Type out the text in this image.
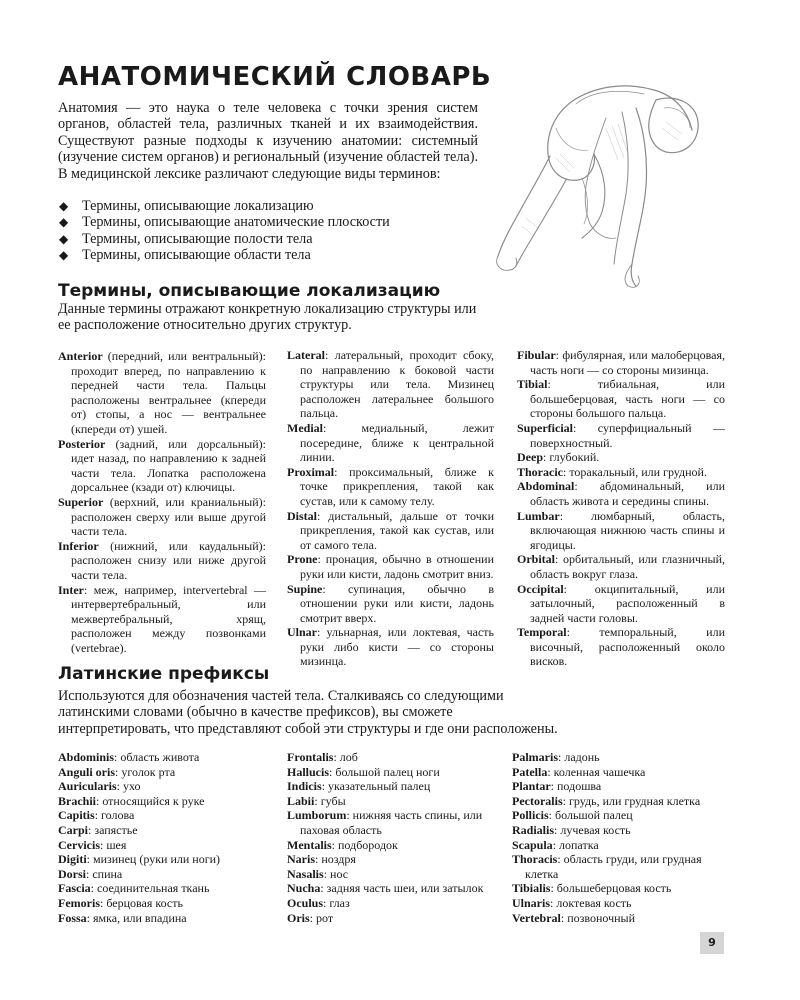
АНАТОМИЧЕСКИЙ СЛОВАРЬ

Анатомия — это наука о теле человека с точки зрения систем органов, областей тела, различных тканей и их взаимодействия. Существуют разные подходы к изучению анатомии: системный (изучение систем органов) и региональный (изучение областей тела). В медицинской лексике различают следующие виды терминов:

◆ Термины, описывающие локализацию
◆ Термины, описывающие анатомические плоскости
◆ Термины, описывающие полости тела
◆ Термины, описывающие области тела
Термины, описывающие локализацию

Данные термины отражают конкретную локализацию структуры или ее расположение относительно других структур.

Anterior (передний, или вентральный): проходит вперед, по направлению к передней части тела. Пальцы расположены вентральнее (кпереди от) стопы, а нос — вентральнее (кпереди от) ушей.

Posterior (задний, или дорсальный): идет назад, по направлению к задней части тела. Лопатка расположена дорсальнее (кзади от) ключицы.

Superior (верхний, или краниальный): расположен сверху или выше другой части тела.

Inferior (нижний, или каудальный): расположен снизу или ниже другой части тела.

Inter: меж, например, intervertebral — интервертебральный, или межвертебральный, хрящ, расположен между позвонками (vertebrae).

Lateral: латеральный, проходит сбоку, по направлению к боковой части структуры или тела. Мизинец расположен латеральнее большого пальца.

Medial: медиальный, лежит посередине, ближе к центральной линии.

Proximal: проксимальный, ближе к точке прикрепления, такой как сустав, или к самому телу.

Distal: дистальный, дальше от точки прикрепления, такой как сустав, или от самого тела.

Prone: пронация, обычно в отношении руки или кисти, ладонь смотрит вниз.

Supine: супинация, обычно в отношении руки или кисти, ладонь смотрит вверх.

Ulnar: ульнарная, или локтевая, часть руки либо кисти — со стороны мизинца.

Fibular: фибулярная, или малоберцовая, часть ноги — со стороны мизинца.

Tibial: тибиальная, или большеберцовая, часть ноги — со стороны большого пальца.

Superficial: суперфициальный — поверхностный.

Deep: глубокий.

Thoracic: торакальный, или грудной.

Abdominal: абдоминальный, или область живота и середины спины.

Lumbar: люмбарный, область, включающая нижнюю часть спины и ягодицы.

Orbital: орбитальный, или глазничный, область вокруг глаза.

Occipital: окципитальный, или затылочный, расположенный в задней части головы.

Temporal: темпоральный, или височный, расположенный около висков.

Латинские префиксы

Используются для обозначения частей тела. Сталкиваясь со следующими латинскими словами (обычно в качестве префиксов), вы сможете интерпретировать, что представляют собой эти структуры и где они расположены.

Abdominis: область живота

Anguli oris: уголок рта

Auricularis: ухо

Brachii: относящийся к руке

Capitis: голова

Carpi: запястье

Cervicis: шея

Digiti: мизинец (руки или ноги)

Dorsi: спина

Fascia: соединительная ткань

Femoris: берцовая кость

Fossa: ямка, или впадина

Frontalis: лоб

Hallucis: большой палец ноги

Indicis: указательный палец

Labii: губы

Lumborum: нижняя часть спины, или паховая область

Mentalis: подбородок

Naris: ноздря

Nasalis: нос

Nucha: задняя часть шеи, или затылок

Oculus: глаз

Oris: рот

Palmaris: ладонь

Patella: коленная чашечка

Plantar: подошва

Pectoralis: грудь, или грудная клетка

Pollicis: большой палец

Radialis: лучевая кость

Scapula: лопатка

Thoracis: область груди, или грудная клетка

Tibialis: большеберцовая кость

Ulnaris: локтевая кость

Vertebral: позвоночный

9
